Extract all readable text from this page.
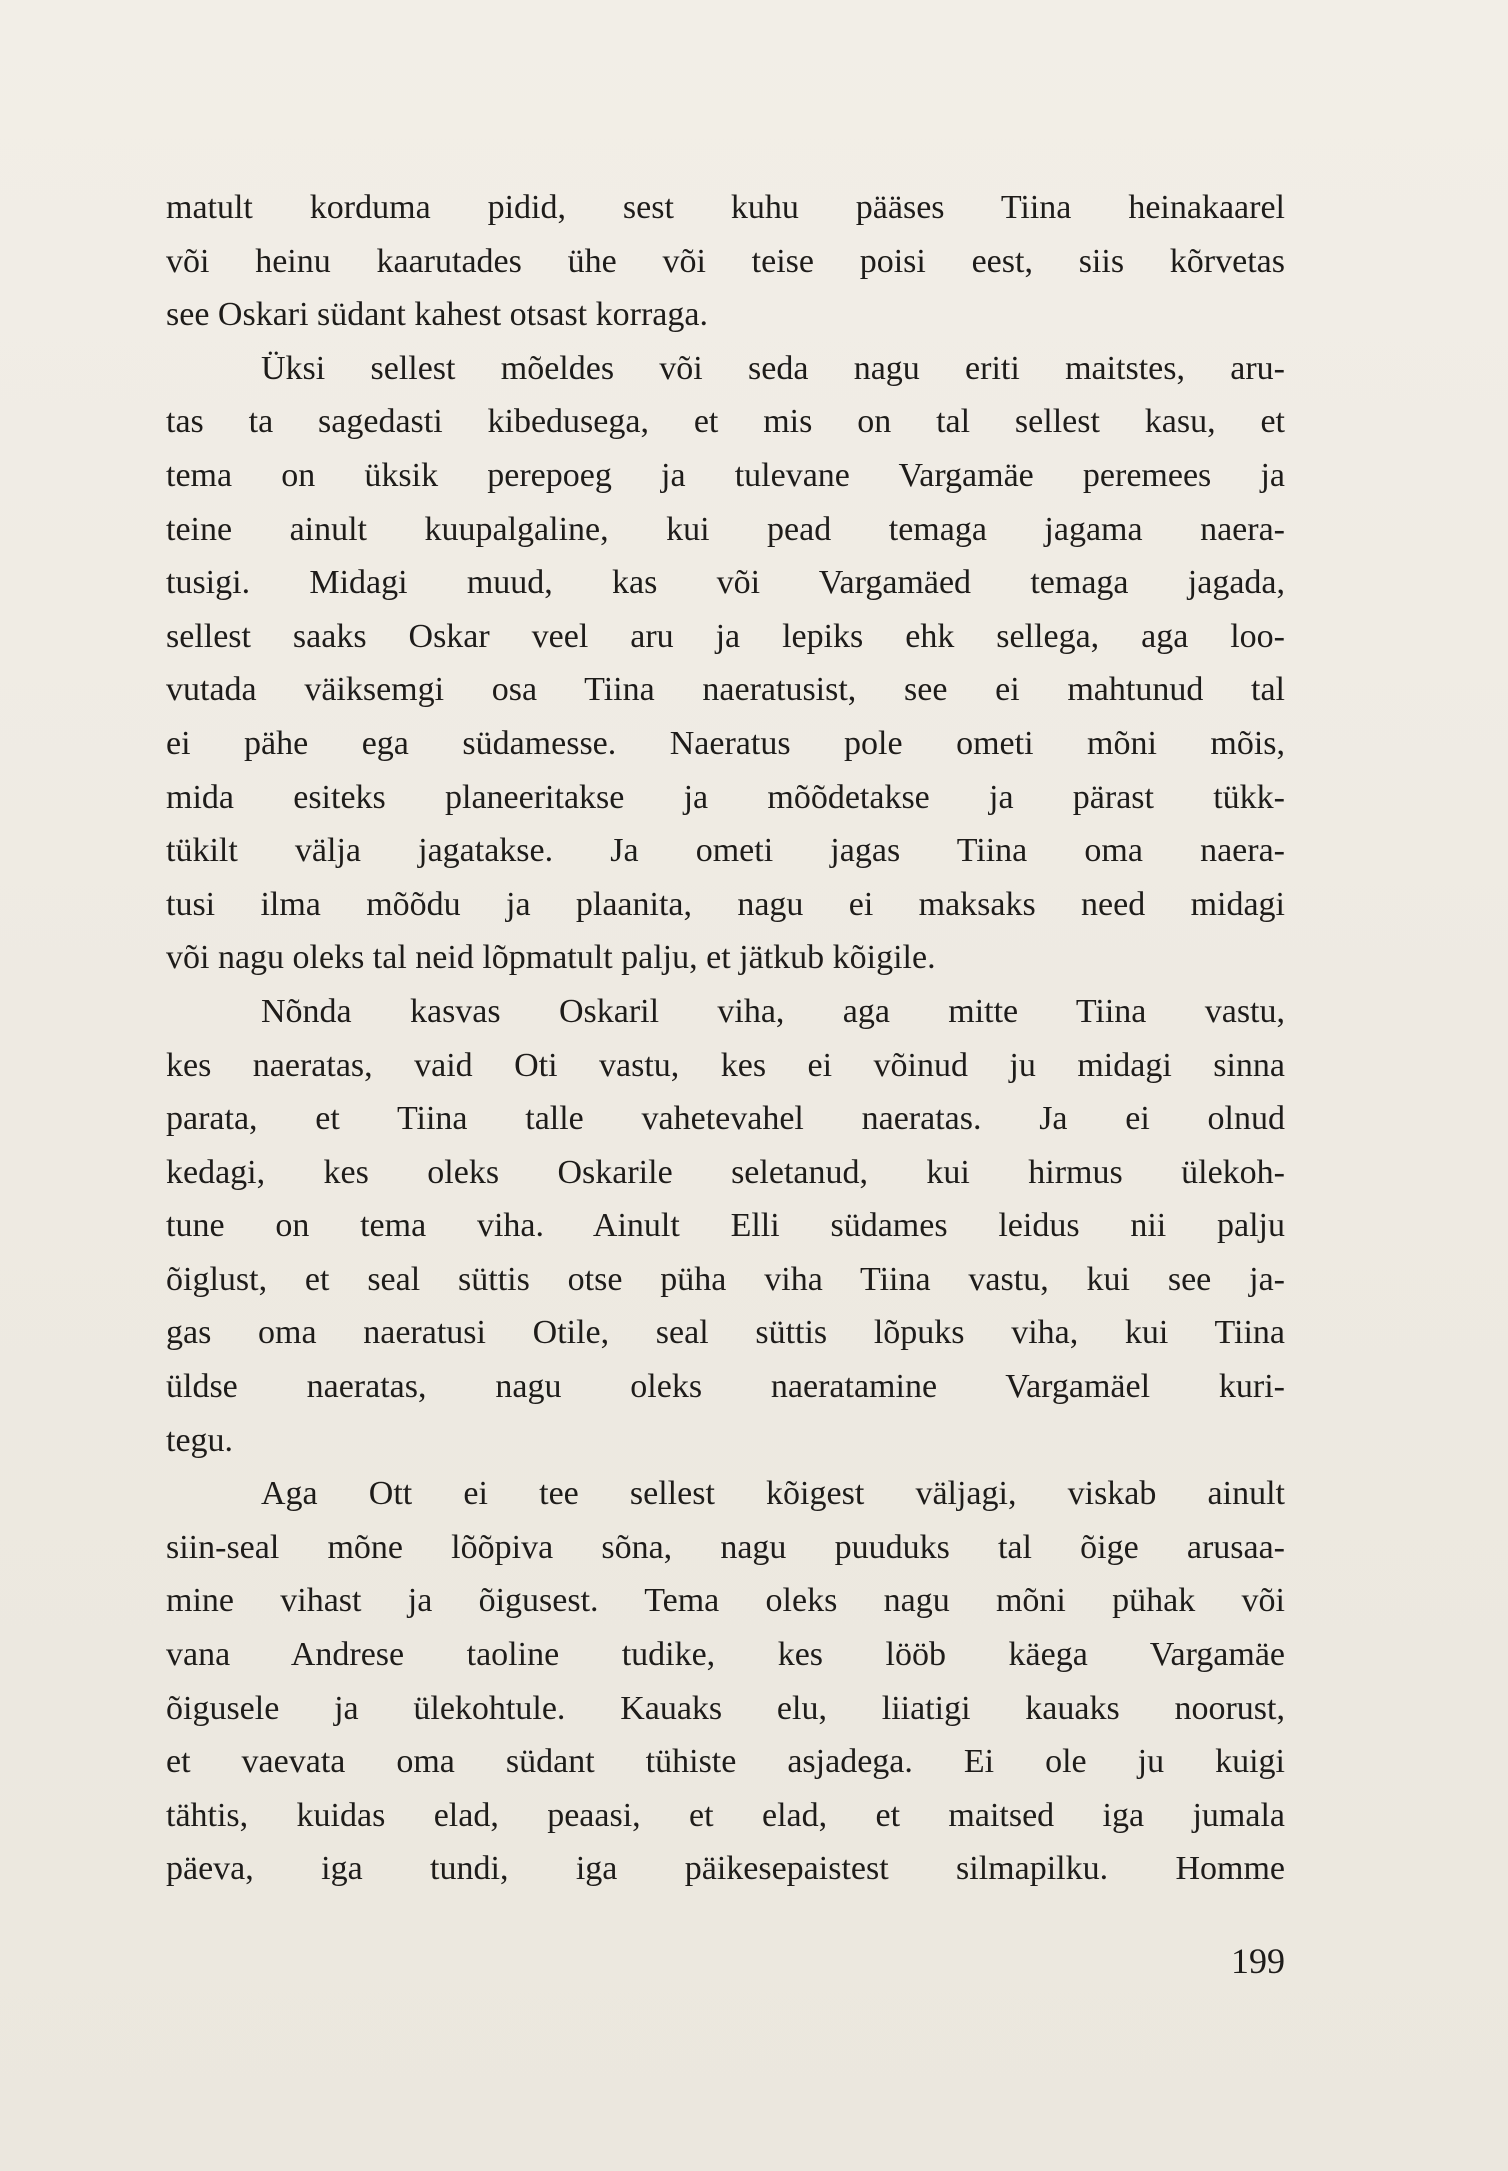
matult korduma pidid, sest kuhu pääses Tiina heinakaarel
või heinu kaarutades ühe või teise poisi eest, siis kõrvetas
see Oskari südant kahest otsast korraga.
Üksi sellest mõeldes või seda nagu eriti maitstes, aru-
tas ta sagedasti kibedusega, et mis on tal sellest kasu, et
tema on üksik perepoeg ja tulevane Vargamäe peremees ja
teine ainult kuupalgaline, kui pead temaga jagama naera-
tusigi. Midagi muud, kas või Vargamäed temaga jagada,
sellest saaks Oskar veel aru ja lepiks ehk sellega, aga loo-
vutada väiksemgi osa Tiina naeratusist, see ei mahtunud tal
ei pähe ega südamesse. Naeratus pole ometi mõni mõis,
mida esiteks planeeritakse ja mõõdetakse ja pärast tükk-
tükilt välja jagatakse. Ja ometi jagas Tiina oma naera-
tusi ilma mõõdu ja plaanita, nagu ei maksaks need midagi
või nagu oleks tal neid lõpmatult palju, et jätkub kõigile.
Nõnda kasvas Oskaril viha, aga mitte Tiina vastu,
kes naeratas, vaid Oti vastu, kes ei võinud ju midagi sinna
parata, et Tiina talle vahetevahel naeratas. Ja ei olnud
kedagi, kes oleks Oskarile seletanud, kui hirmus ülekoh-
tune on tema viha. Ainult Elli südames leidus nii palju
õiglust, et seal süttis otse püha viha Tiina vastu, kui see ja-
gas oma naeratusi Otile, seal süttis lõpuks viha, kui Tiina
üldse naeratas, nagu oleks naeratamine Vargamäel kuri-
tegu.
Aga Ott ei tee sellest kõigest väljagi, viskab ainult
siin-seal mõne lõõpiva sõna, nagu puuduks tal õige arusaa-
mine vihast ja õigusest. Tema oleks nagu mõni pühak või
vana Andrese taoline tudike, kes lööb käega Vargamäe
õigusele ja ülekohtule. Kauaks elu, liiatigi kauaks noorust,
et vaevata oma südant tühiste asjadega. Ei ole ju kuigi
tähtis, kuidas elad, peaasi, et elad, et maitsed iga jumala
päeva, iga tundi, iga päikesepaistest silmapilku. Homme
199
